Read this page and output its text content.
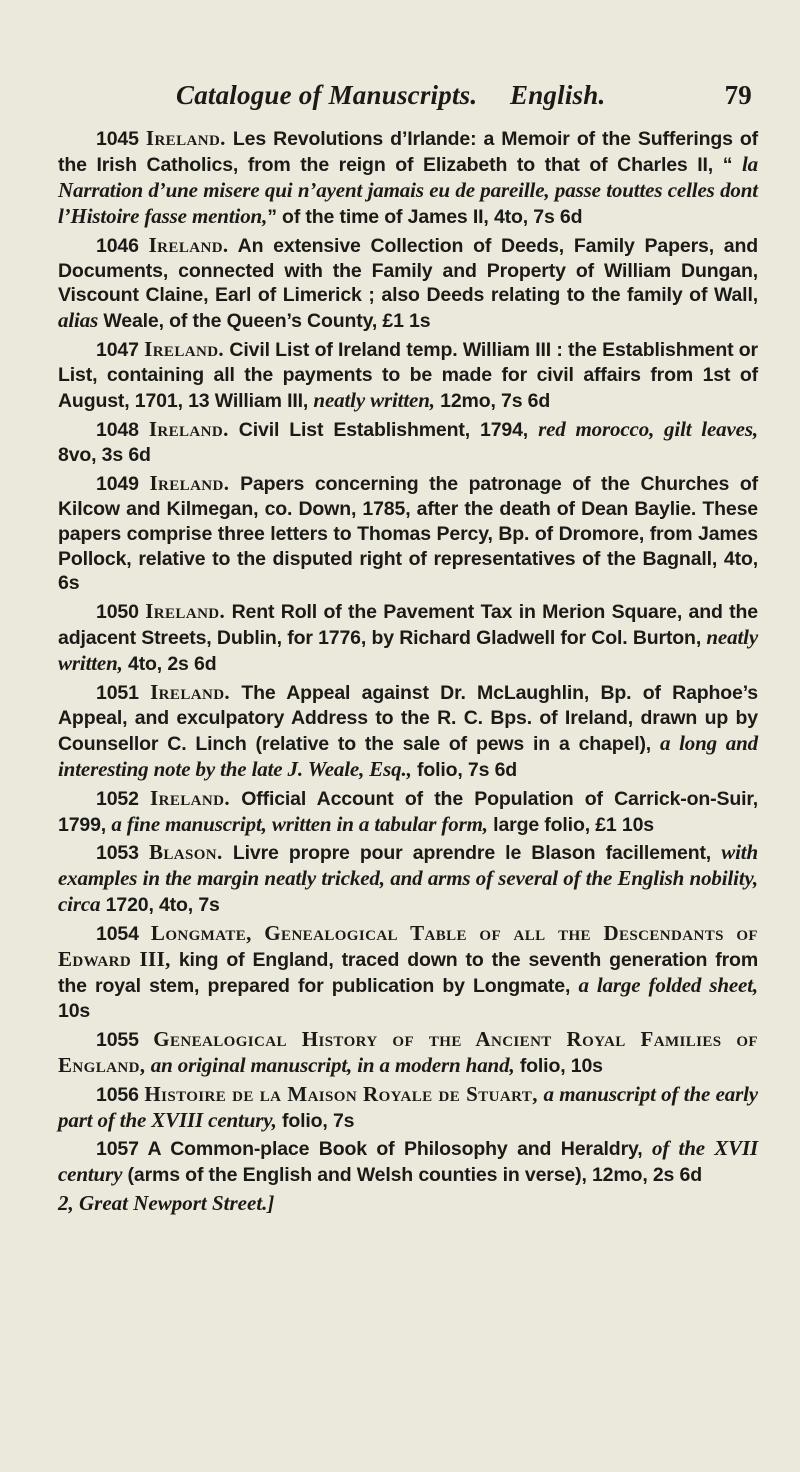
Catalogue of Manuscripts. English.	79

1045 Ireland. Les Revolutions d’Irlande: a Memoir of the Sufferings of the Irish Catholics, from the reign of Elizabeth to that of Charles II, “ la Narration d’une misere qui n’ayent jamais eu de pareille, passe touttes celles dont l’Histoire fasse mention,” of the time of James II, 4to, 7s 6d

1046 Ireland. An extensive Collection of Deeds, Family Papers, and Documents, connected with the Family and Property of William Dungan, Viscount Claine, Earl of Limerick ; also Deeds relating to the family of Wall, alias Weale, of the Queen’s County, £1 1s

1047 Ireland. Civil List of Ireland temp. William III : the Establishment or List, containing all the payments to be made for civil affairs from 1st of August, 1701, 13 William III, neatly written, 12mo, 7s 6d

1048 Ireland. Civil List Establishment, 1794, red morocco, gilt leaves, 8vo, 3s 6d

1049 Ireland. Papers concerning the patronage of the Churches of Kilcow and Kilmegan, co. Down, 1785, after the death of Dean Baylie. These papers comprise three letters to Thomas Percy, Bp. of Dromore, from James Pollock, relative to the disputed right of representatives of the Bagnall, 4to, 6s

1050 Ireland. Rent Roll of the Pavement Tax in Merion Square, and the adjacent Streets, Dublin, for 1776, by Richard Gladwell for Col. Burton, neatly written, 4to, 2s 6d

1051 Ireland. The Appeal against Dr. McLaughlin, Bp. of Raphoe’s Appeal, and exculpatory Address to the R. C. Bps. of Ireland, drawn up by Counsellor C. Linch (relative to the sale of pews in a chapel), a long and interesting note by the late J. Weale, Esq., folio, 7s 6d

1052 Ireland. Official Account of the Population of Carrick-on-Suir, 1799, a fine manuscript, written in a tabular form, large folio, £1 10s

1053 Blason. Livre propre pour aprendre le Blason facillement, with examples in the margin neatly tricked, and arms of several of the English nobility, circa 1720, 4to, 7s

1054 Longmate, Genealogical Table of all the Descendants of Edward III, king of England, traced down to the seventh generation from the royal stem, prepared for publication by Longmate, a large folded sheet, 10s

1055 Genealogical History of the Ancient Royal Families of England, an original manuscript, in a modern hand, folio, 10s

1056 Histoire de la Maison Royale de Stuart, a manuscript of the early part of the XVIII century, folio, 7s

1057 A Common-place Book of Philosophy and Heraldry, of the XVII century (arms of the English and Welsh counties in verse), 12mo, 2s 6d

2, Great Newport Street.]
